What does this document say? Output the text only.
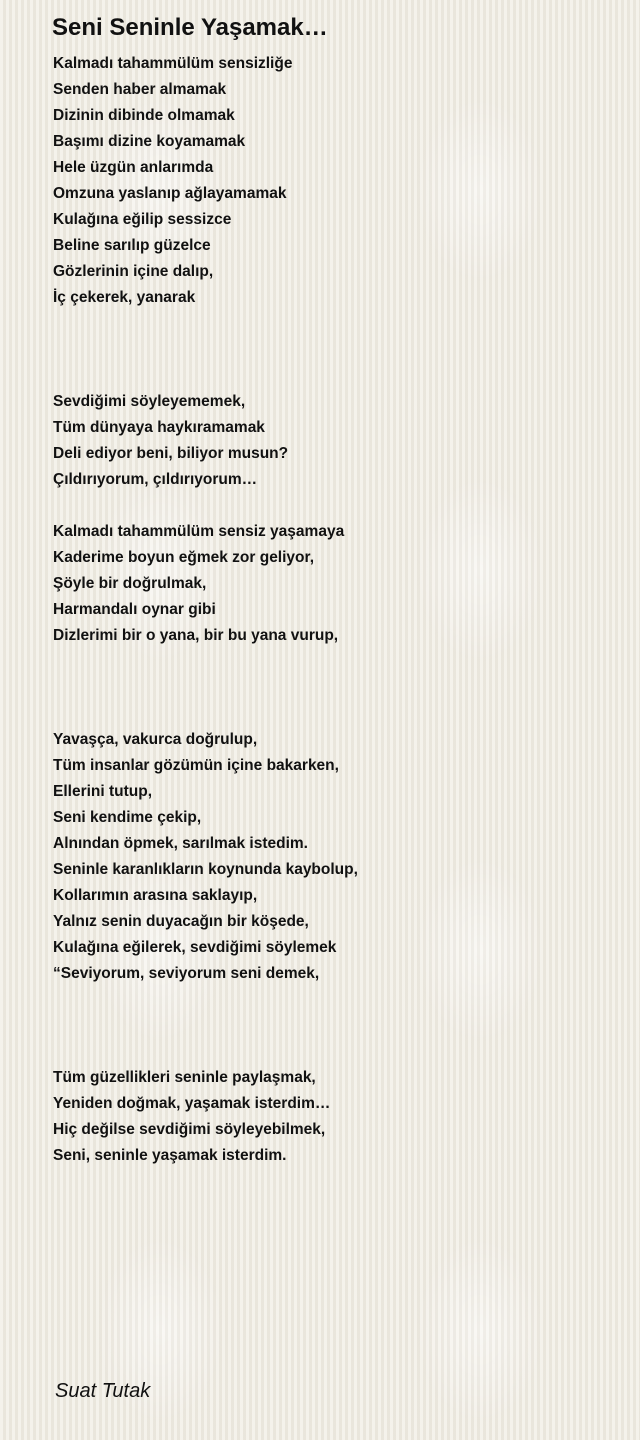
Seni Seninle Yaşamak…
Kalmadı tahammülüm sensizliğe
Senden haber almamak
Dizinin dibinde olmamak
Başımı dizine koyamamak
Hele üzgün anlarımda
Omzuna yaslanıp ağlayamamak
Kulağına eğilip sessizce
Beline sarılıp güzelce
Gözlerinin içine dalıp,
İç çekerek, yanarak
Sevdiğimi söyleyememek,
Tüm dünyaya haykıramamak
Deli ediyor beni, biliyor musun?
Çıldırıyorum, çıldırıyorum…
Kalmadı tahammülüm sensiz yaşamaya
Kaderime boyun eğmek zor geliyor,
Şöyle bir doğrulmak,
Harmandalı oynar gibi
Dizlerimi bir o yana, bir bu yana vurup,
Yavaşça, vakurca doğrulup,
Tüm insanlar gözümün içine bakarken,
Ellerini tutup,
Seni kendime çekip,
Alnından öpmek, sarılmak istedim.
Seninle karanlıkların koynunda kaybolup,
Kollarımın arasına saklayıp,
Yalnız senin duyacağın bir köşede,
Kulağına eğilerek, sevdiğimi söylemek
“Seviyorum, seviyorum seni demek,
Tüm güzellikleri seninle paylaşmak,
Yeniden doğmak, yaşamak isterdim…
Hiç değilse sevdiğimi söyleyebilmek,
Seni, seninle yaşamak isterdim.
Suat Tutak
